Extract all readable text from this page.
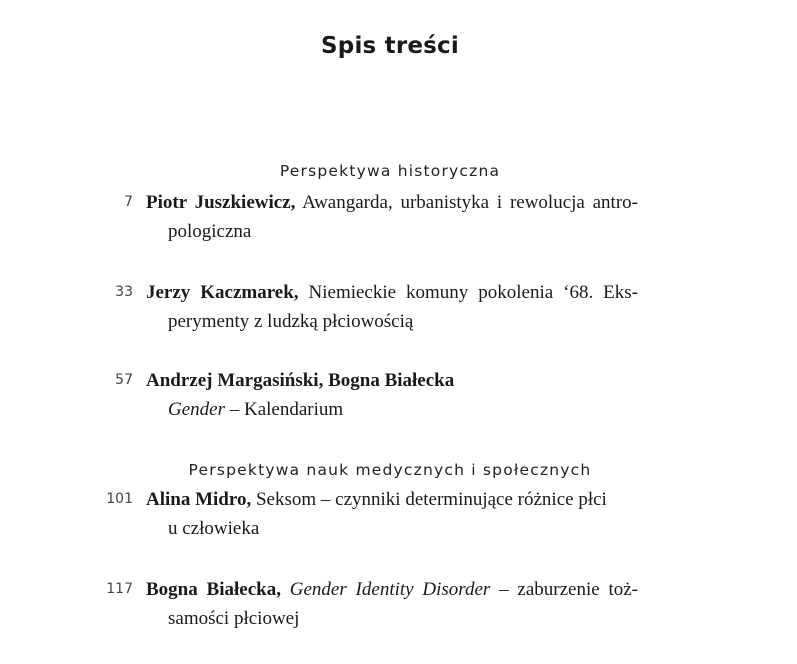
Spis treści
Perspektywa historyczna
7 Piotr Juszkiewicz, Awangarda, urbanistyka i rewolucja antro-
pologiczna
33 Jerzy Kaczmarek, Niemieckie komuny pokolenia ‘68. Eks-
perymenty z ludzką płciowością
57 Andrzej Margasiński, Bogna Białecka
Gender – Kalendarium
Perspektywa nauk medycznych i społecznych
101 Alina Midro, Seksom – czynniki determinujące różnice płci
u człowieka
117 Bogna Białecka, Gender Identity Disorder – zaburzenie toż-
samości płciowej
